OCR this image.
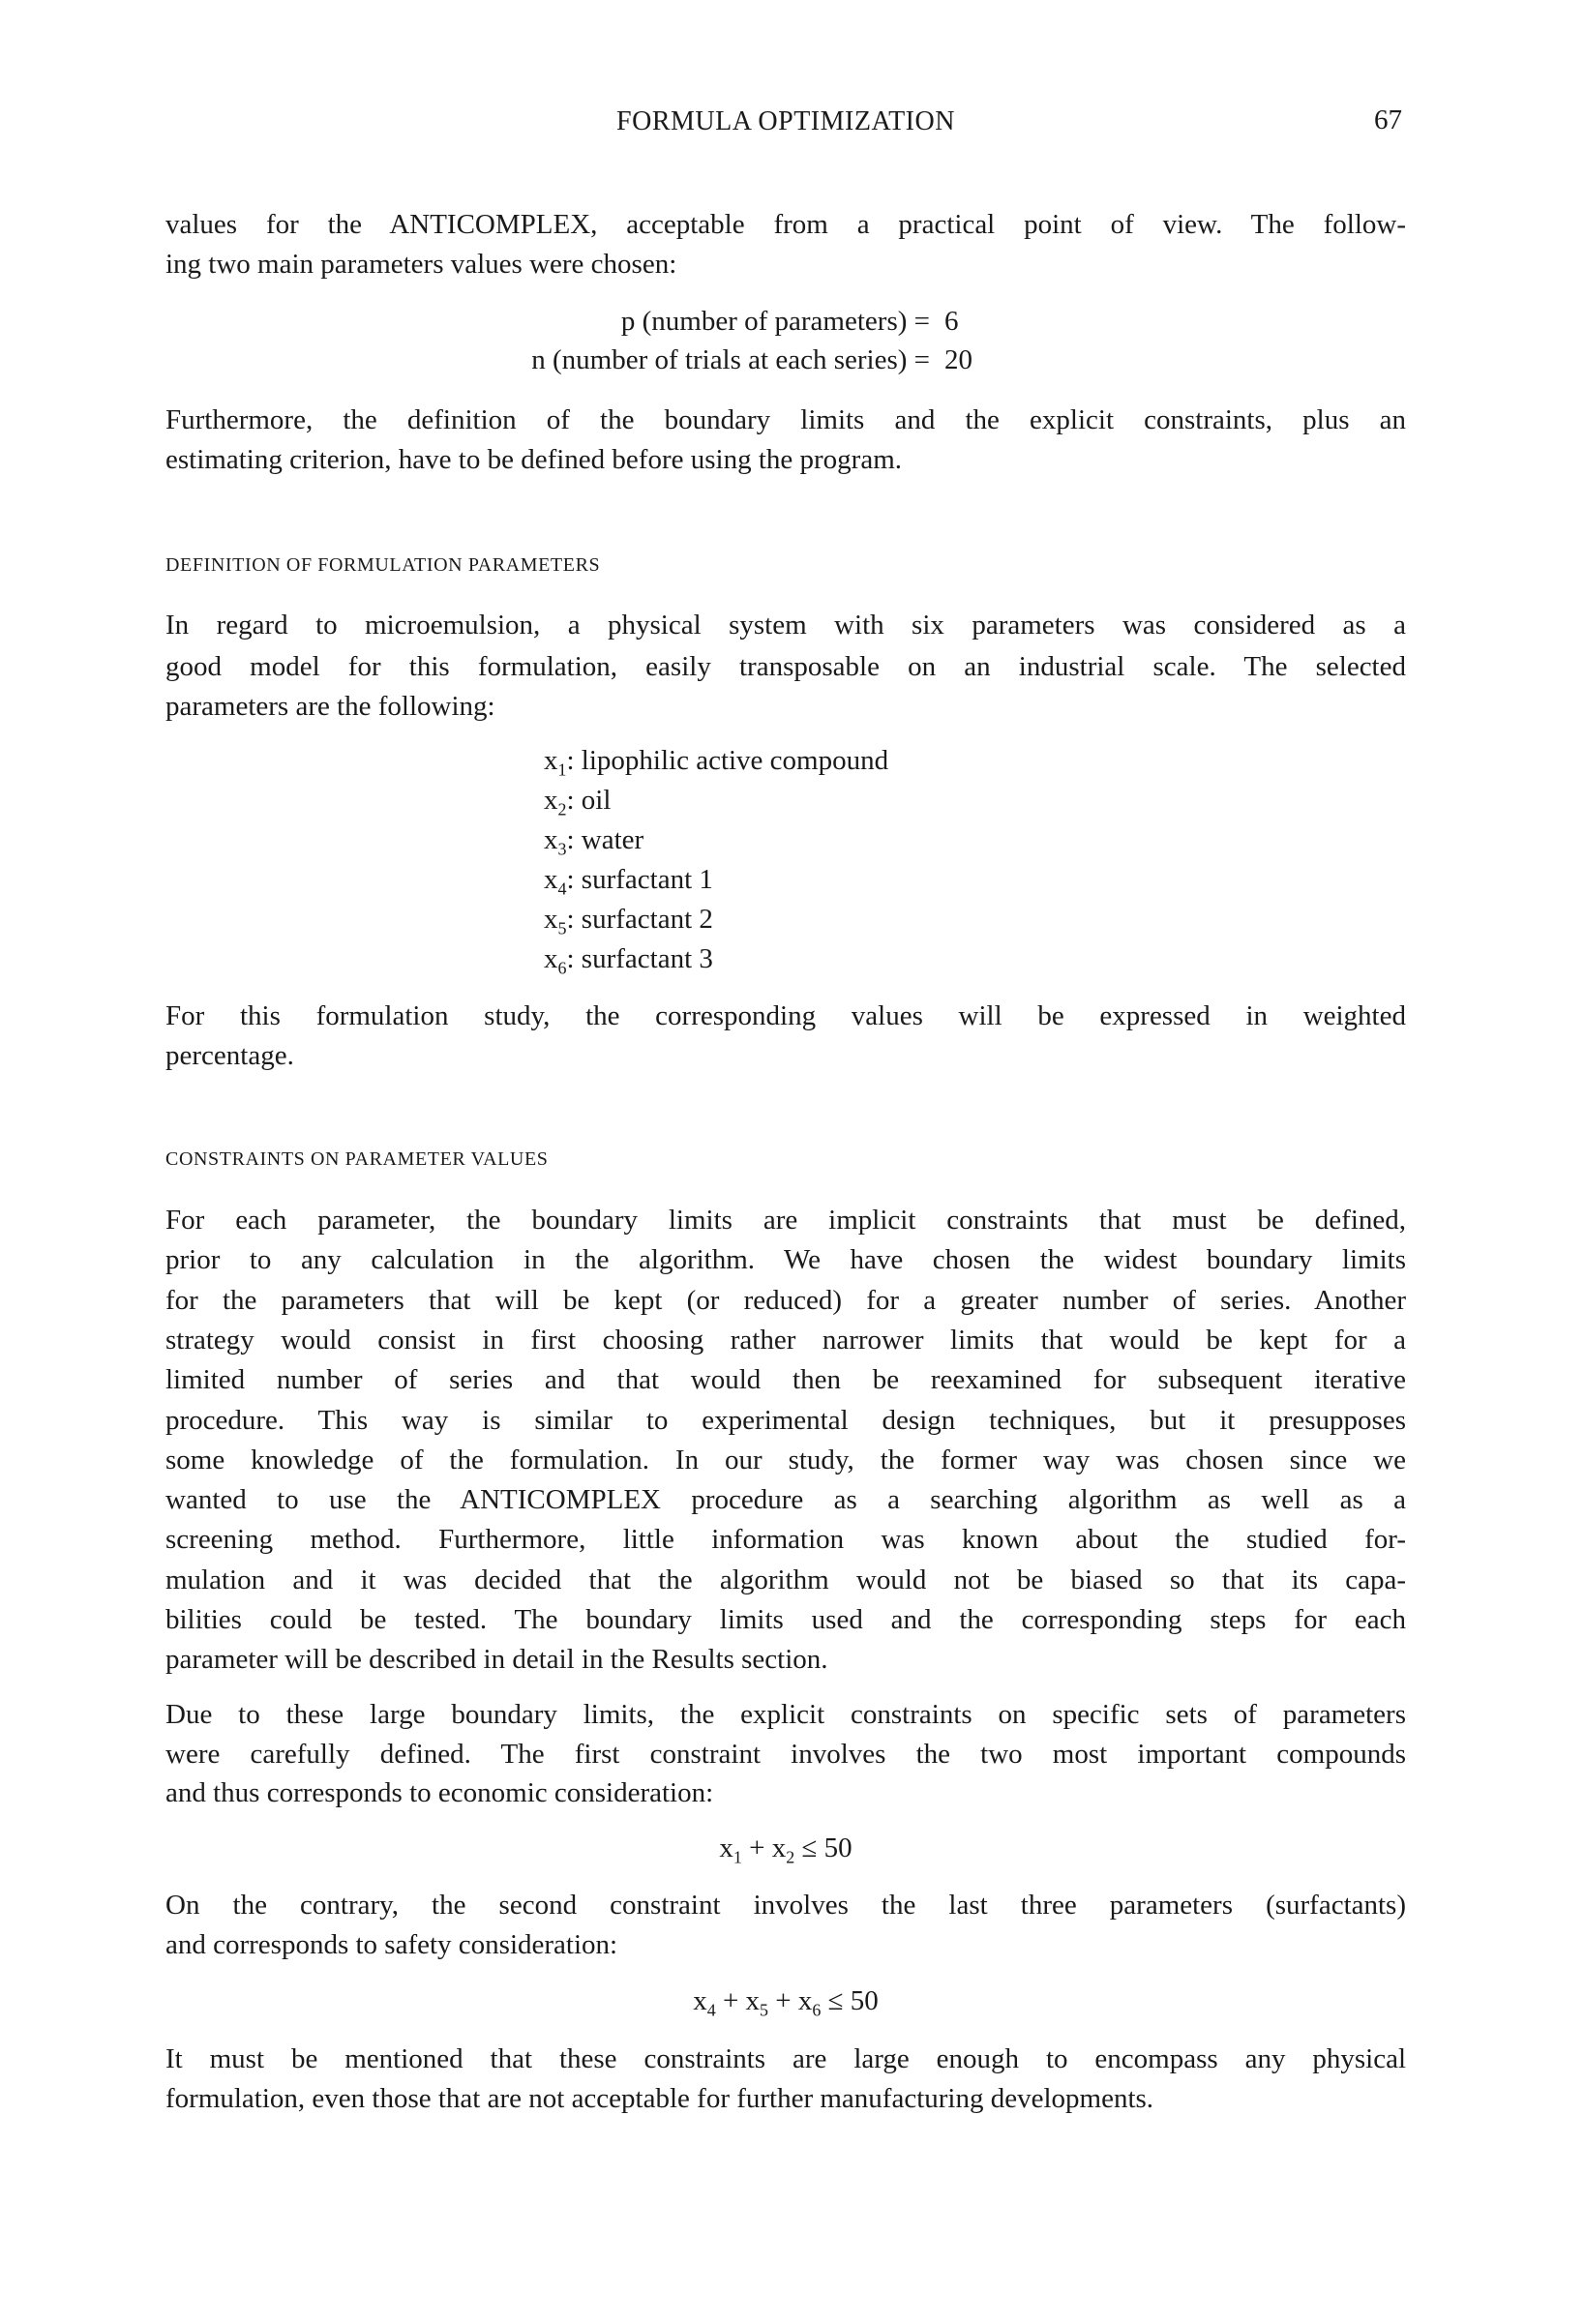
FORMULA OPTIMIZATION	67
values for the ANTICOMPLEX, acceptable from a practical point of view. The follow-
ing two main parameters values were chosen:
p (number of parameters) = 6
n (number of trials at each series) = 20
Furthermore, the definition of the boundary limits and the explicit constraints, plus an
estimating criterion, have to be defined before using the program.
DEFINITION OF FORMULATION PARAMETERS
In regard to microemulsion, a physical system with six parameters was considered as a
good model for this formulation, easily transposable on an industrial scale. The selected
parameters are the following:
$x_1$: lipophilic active compound
$x_2$: oil
$x_3$: water
$x_4$: surfactant 1
$x_5$: surfactant 2
$x_6$: surfactant 3
For this formulation study, the corresponding values will be expressed in weighted
percentage.
CONSTRAINTS ON PARAMETER VALUES
For each parameter, the boundary limits are implicit constraints that must be defined,
prior to any calculation in the algorithm. We have chosen the widest boundary limits
for the parameters that will be kept (or reduced) for a greater number of series. Another
strategy would consist in first choosing rather narrower limits that would be kept for a
limited number of series and that would then be reexamined for subsequent iterative
procedure. This way is similar to experimental design techniques, but it presupposes
some knowledge of the formulation. In our study, the former way was chosen since we
wanted to use the ANTICOMPLEX procedure as a searching algorithm as well as a
screening method. Furthermore, little information was known about the studied for-
mulation and it was decided that the algorithm would not be biased so that its capa-
bilities could be tested. The boundary limits used and the corresponding steps for each
parameter will be described in detail in the Results section.
Due to these large boundary limits, the explicit constraints on specific sets of parameters
were carefully defined. The first constraint involves the two most important compounds
and thus corresponds to economic consideration:
$x_1 + x_2 \le 50$
On the contrary, the second constraint involves the last three parameters (surfactants)
and corresponds to safety consideration:
$x_4 + x_5 + x_6 \le 50$
It must be mentioned that these constraints are large enough to encompass any physical
formulation, even those that are not acceptable for further manufacturing developments.
